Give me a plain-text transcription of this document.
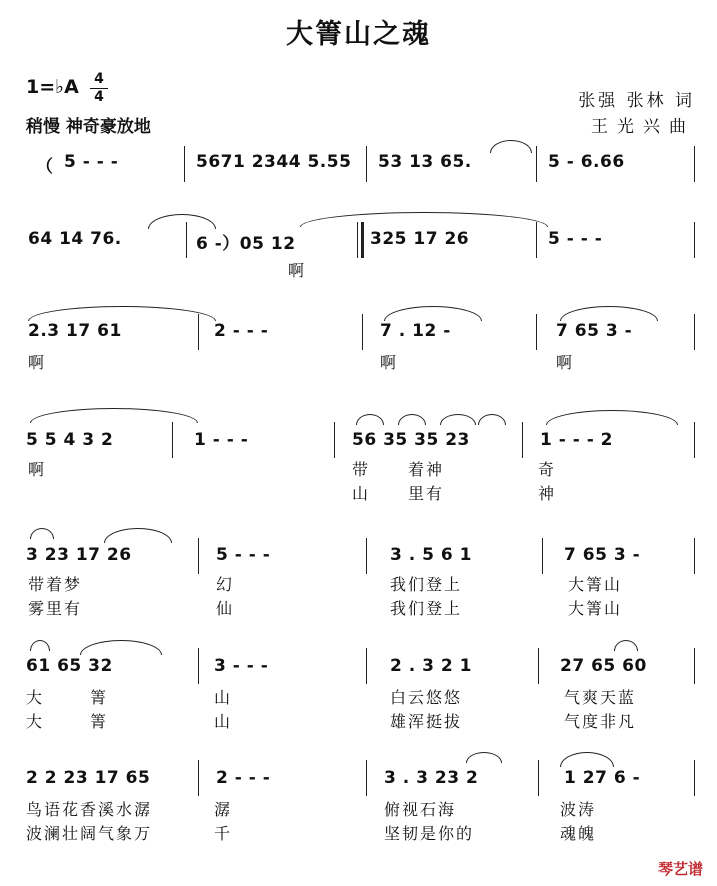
大箐山之魂
1=♭A 4
4
稍慢 神奇豪放地
张强 张林 词
王光兴曲
（ 5 - - -	5671 2344 5.55 53 13 65.	5 - 6.66
64 14 76.	6 -）05 12	325 17 26	5 - - -
啊
2.3 17 61	2 - - -	7 . 12 -	7 65 3 -
啊	啊	啊
5 5 4 3 2	1 - - -	56 35 35 23	1 - - - 2
啊	带 着神	奇
山 里有	神
3 23 17 26	5 - - -	3 . 5 6 1	7 65 3 -
带着梦	幻	我们登上	大箐山
雾里有	仙	我们登上	大箐山
61 65 32	3 - - -	2 . 3 2 1	27 65 60
大	箐	山	白云悠悠	气爽天蓝
大	箐	山	雄浑挺拔	气度非凡
2 2 23 17 65	2 - - -	3 . 3 23 2	1 27 6 -
鸟语花香溪水潺	潺	俯视石海	波涛
波澜壮阔气象万	千	坚韧是你的	魂魄
琴艺谱
